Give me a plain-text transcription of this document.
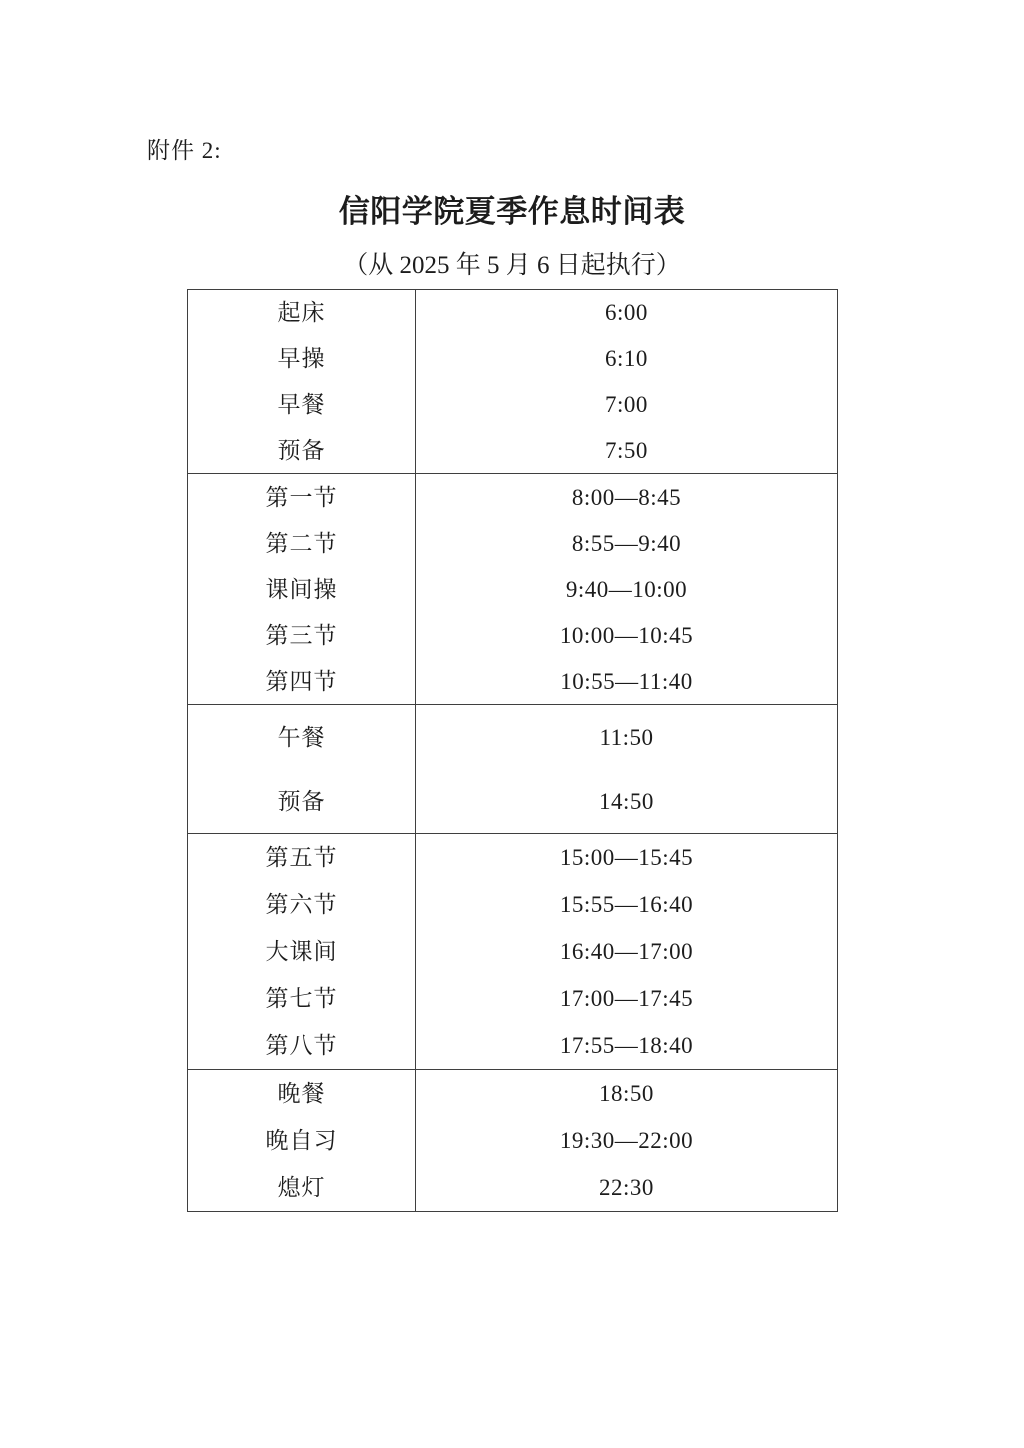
附件 2:
信阳学院夏季作息时间表
（从 2025 年 5 月 6 日起执行）
起床	6:00
早操	6:10
早餐	7:00
预备	7:50
第一节	8:00—8:45
第二节	8:55—9:40
课间操	9:40—10:00
第三节	10:00—10:45
第四节	10:55—11:40
午餐	11:50
预备	14:50
第五节	15:00—15:45
第六节	15:55—16:40
大课间	16:40—17:00
第七节	17:00—17:45
第八节	17:55—18:40
晚餐	18:50
晚自习	19:30—22:00
熄灯	22:30
